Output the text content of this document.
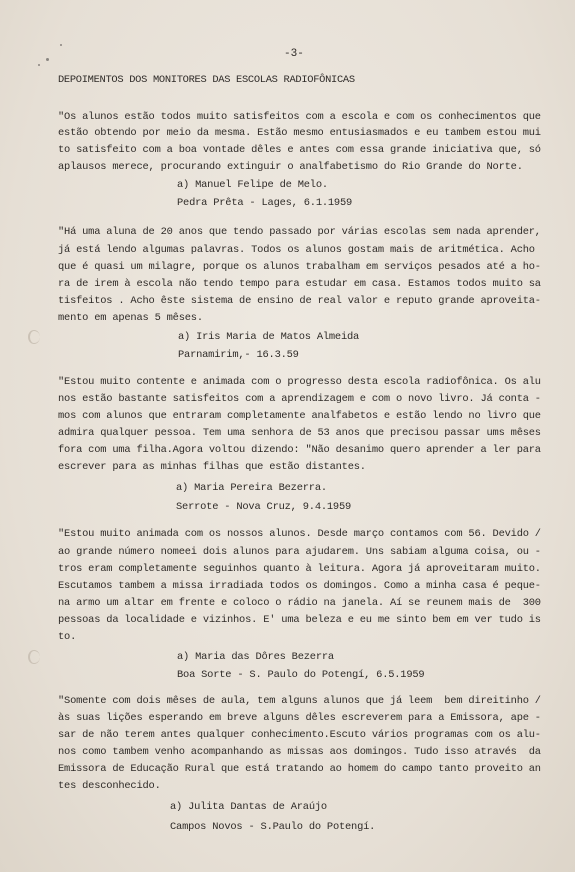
-3-
DEPOIMENTOS DOS MONITORES DAS ESCOLAS RADIOFÔNICAS
"Os alunos estão todos muito satisfeitos com a escola e com os conhecimentos que
estão obtendo por meio da mesma. Estão mesmo entusiasmados e eu tambem estou mui
to satisfeito com a boa vontade dêles e antes com essa grande iniciativa que, só
aplausos merece, procurando extinguir o analfabetismo do Rio Grande do Norte.
a) Manuel Felipe de Melo.
Pedra Prêta - Lages, 6.1.1959
"Há uma aluna de 20 anos que tendo passado por várias escolas sem nada aprender,
já está lendo algumas palavras. Todos os alunos gostam mais de aritmética. Acho
que é quasi um milagre, porque os alunos trabalham em serviços pesados até a ho-
ra de irem à escola não tendo tempo para estudar em casa. Estamos todos muito sa
tisfeitos . Acho êste sistema de ensino de real valor e reputo grande aproveita-
mento em apenas 5 mêses.
a) Iris Maria de Matos Almeida
Parnamirim,- 16.3.59
"Estou muito contente e animada com o progresso desta escola radiofônica. Os alu
nos estão bastante satisfeitos com a aprendizagem e com o novo livro. Já conta -
mos com alunos que entraram completamente analfabetos e estão lendo no livro que
admira qualquer pessoa. Tem uma senhora de 53 anos que precisou passar ums mêses
fora com uma filha.Agora voltou dizendo: "Não desanimo quero aprender a ler para
escrever para as minhas filhas que estão distantes.
a) Maria Pereira Bezerra.
Serrote - Nova Cruz, 9.4.1959
"Estou muito animada com os nossos alunos. Desde março contamos com 56. Devido /
ao grande número nomeei dois alunos para ajudarem. Uns sabiam alguma coisa, ou -
tros eram completamente seguinhos quanto à leitura. Agora já aproveitaram muito.
Escutamos tambem a missa irradiada todos os domingos. Como a minha casa é peque-
na armo um altar em frente e coloco o rádio na janela. Aí se reunem mais de  300
pessoas da localidade e vizinhos. E' uma beleza e eu me sinto bem em ver tudo is
to.
a) Maria das Dôres Bezerra
Boa Sorte - S. Paulo do Potengí, 6.5.1959
"Somente com dois mêses de aula, tem alguns alunos que já leem  bem direitinho /
às suas lições esperando em breve alguns dêles escreverem para a Emissora, ape -
sar de não terem antes qualquer conhecimento.Escuto vários programas com os alu-
nos como tambem venho acompanhando as missas aos domingos. Tudo isso através  da
Emissora de Educação Rural que está tratando ao homem do campo tanto proveito an
tes desconhecido.
a) Julita Dantas de Araújo
Campos Novos - S.Paulo do Potengí.
